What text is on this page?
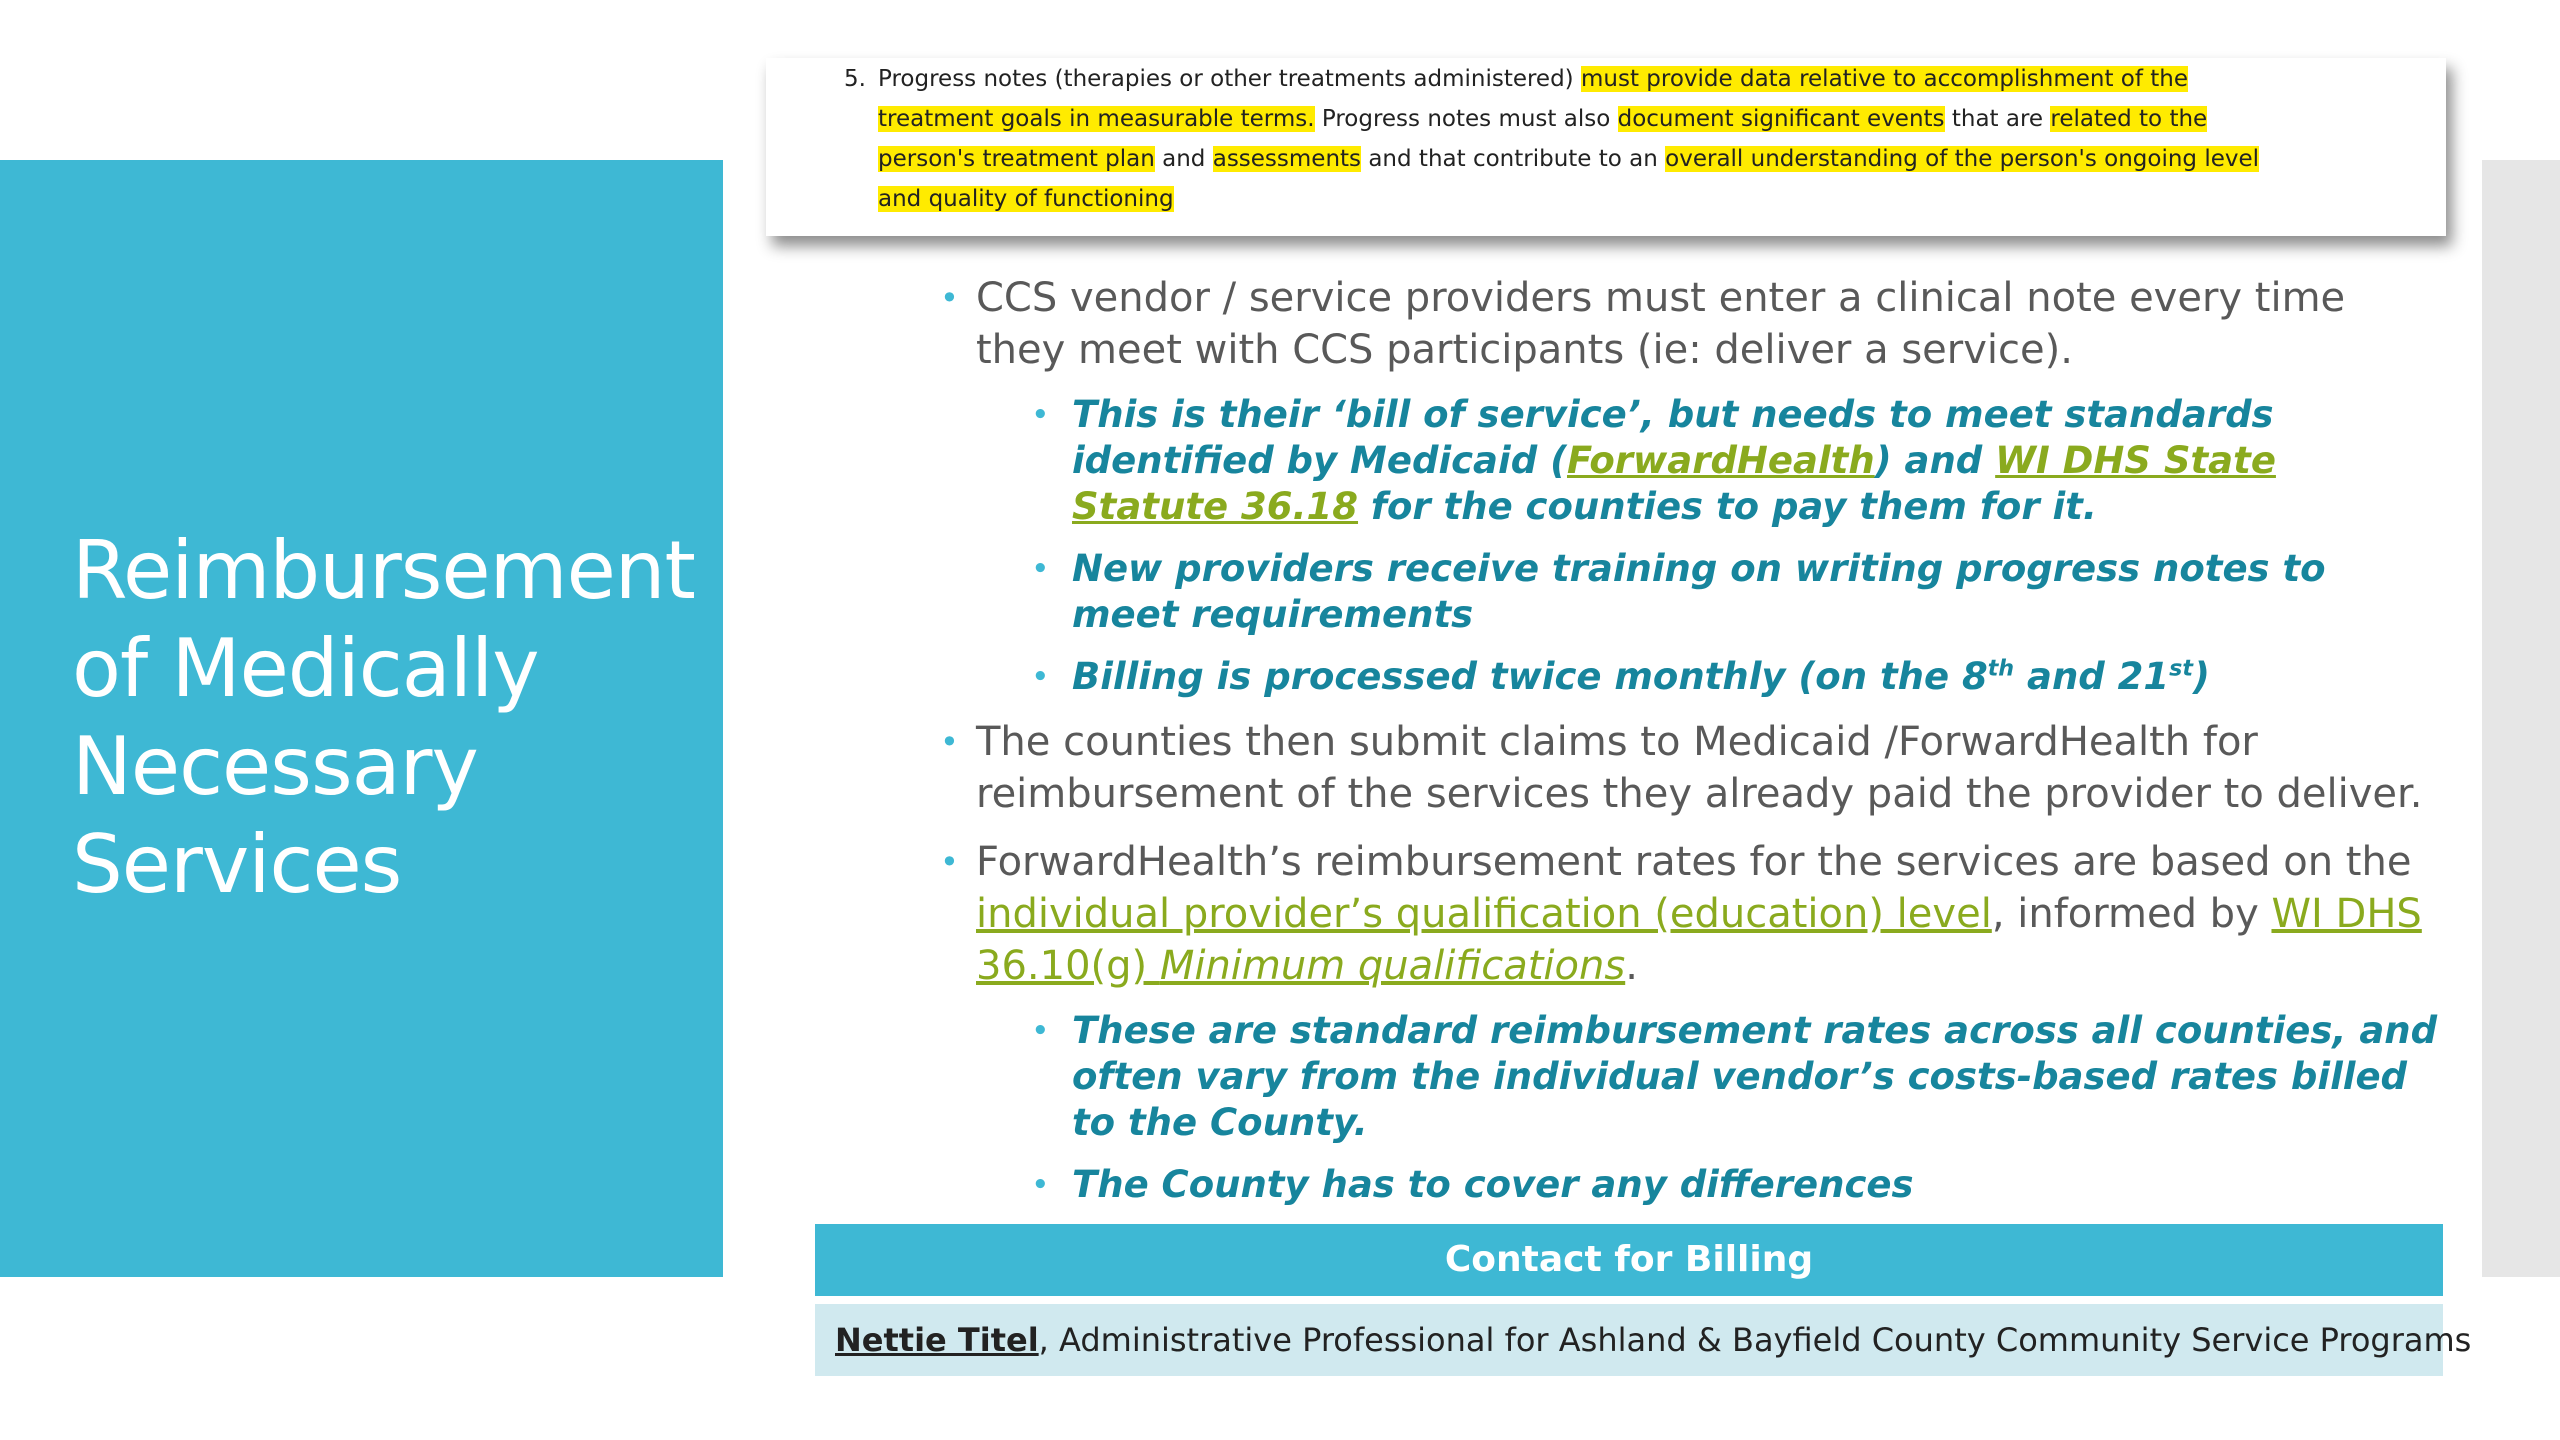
Reimbursement
of Medically
Necessary
Services
5. Progress notes (therapies or other treatments administered) must provide data relative to accomplishment of the
treatment goals in measurable terms. Progress notes must also document significant events that are related to the
person's treatment plan and assessments and that contribute to an overall understanding of the person's ongoing level
and quality of functioning

• CCS vendor / service providers must enter a clinical note every time they meet with CCS participants (ie: deliver a service).

• This is their ‘bill of service’, but needs to meet standards identified by Medicaid (ForwardHealth) and WI DHS State Statute 36.18 for the counties to pay them for it.

• New providers receive training on writing progress notes to meet requirements

• Billing is processed twice monthly (on the 8th and 21st)

• The counties then submit claims to Medicaid /ForwardHealth for reimbursement of the services they already paid the provider to deliver.

• ForwardHealth’s reimbursement rates for the services are based on the individual provider’s qualification (education) level, informed by WI DHS 36.10(g) Minimum qualifications.

• These are standard reimbursement rates across all counties, and often vary from the individual vendor’s costs-based rates billed to the County.

• The County has to cover any differences

Contact for Billing
Nettie Titel, Administrative Professional for Ashland & Bayfield County Community Service Programs
